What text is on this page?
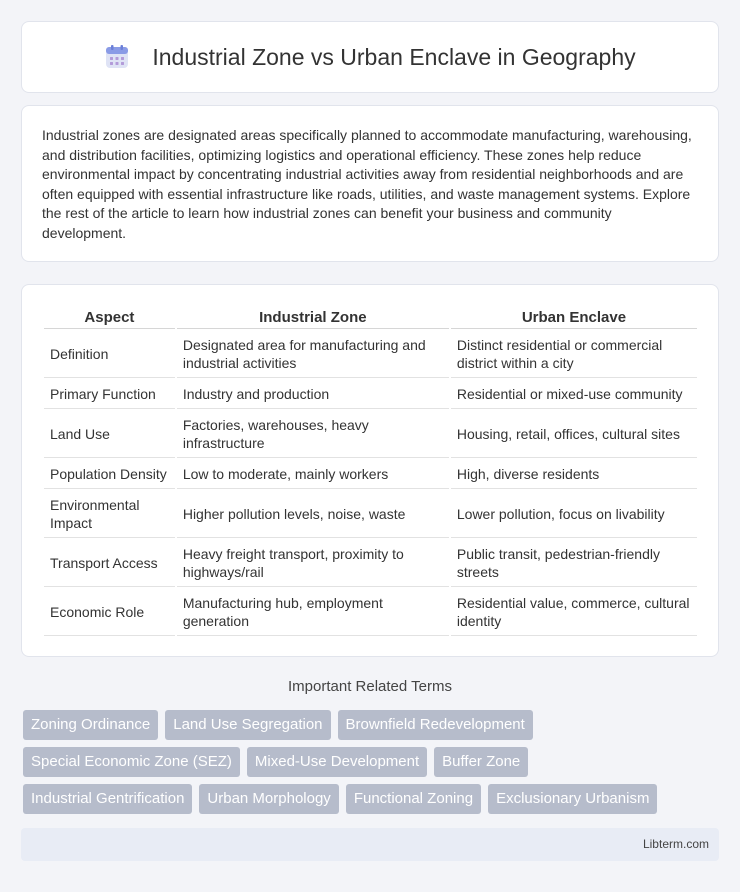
Industrial Zone vs Urban Enclave in Geography

Industrial zones are designated areas specifically planned to accommodate manufacturing, warehousing, and distribution facilities, optimizing logistics and operational efficiency. These zones help reduce environmental impact by concentrating industrial activities away from residential neighborhoods and are often equipped with essential infrastructure like roads, utilities, and waste management systems. Explore the rest of the article to learn how industrial zones can benefit your business and community development.

Aspect	Industrial Zone	Urban Enclave
Definition	Designated area for manufacturing and industrial activities	Distinct residential or commercial district within a city
Primary Function	Industry and production	Residential or mixed-use community
Land Use	Factories, warehouses, heavy infrastructure	Housing, retail, offices, cultural sites
Population Density	Low to moderate, mainly workers	High, diverse residents
Environmental Impact	Higher pollution levels, noise, waste	Lower pollution, focus on livability
Transport Access	Heavy freight transport, proximity to highways/rail	Public transit, pedestrian-friendly streets
Economic Role	Manufacturing hub, employment generation	Residential value, commerce, cultural identity
Important Related Terms
Zoning Ordinance	Land Use Segregation	Brownfield Redevelopment
Special Economic Zone (SEZ)	Mixed-Use Development	Buffer Zone
Industrial Gentrification	Urban Morphology	Functional Zoning	Exclusionary Urbanism
Libterm.com
